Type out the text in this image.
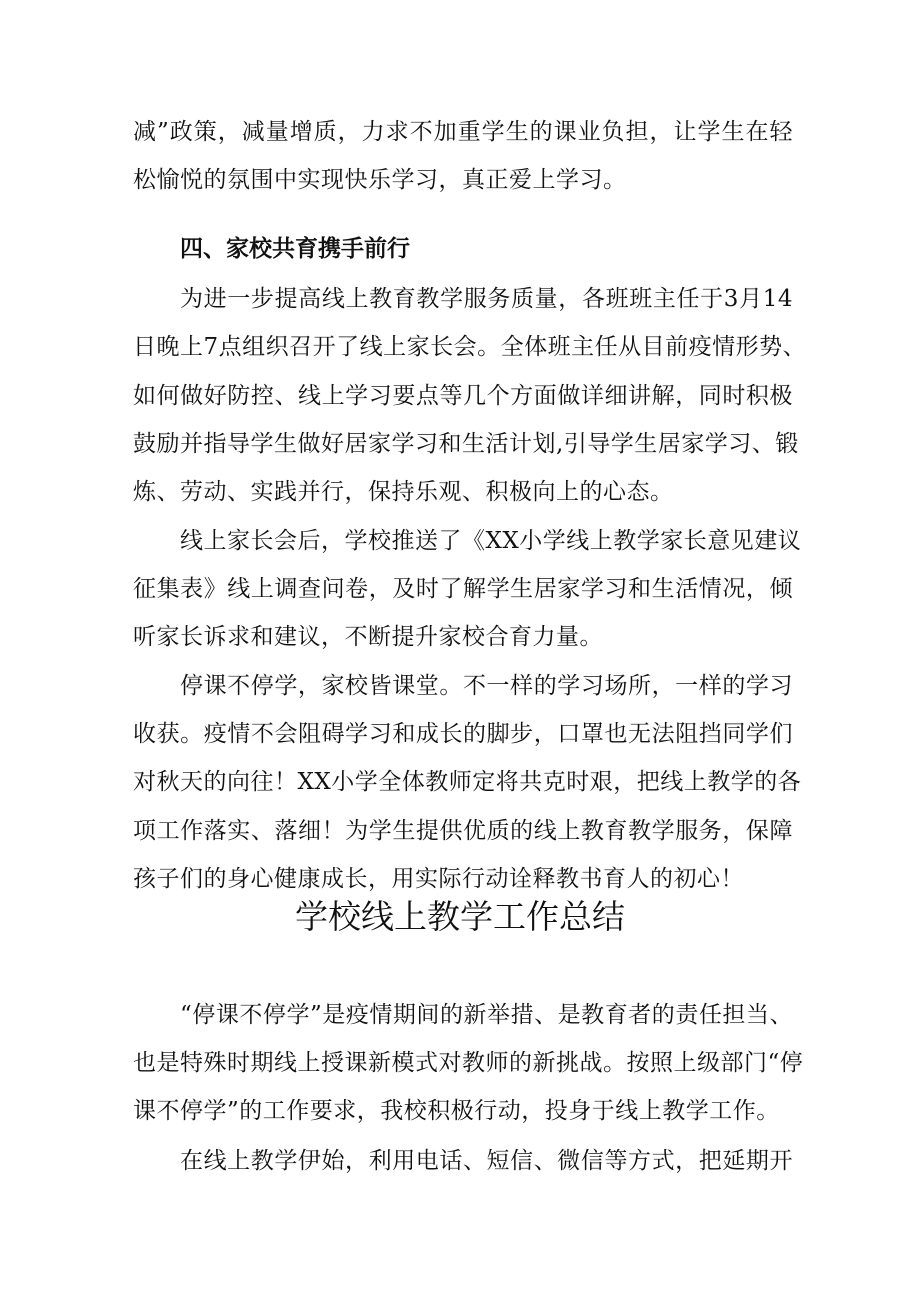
减”政策，减量增质，力求不加重学生的课业负担，让学生在轻
松愉悦的氛围中实现快乐学习，真正爱上学习。
四、家校共育携手前行
为进一步提高线上教育教学服务质量，各班班主任于3月14
日晚上7点组织召开了线上家长会。全体班主任从目前疫情形势、
如何做好防控、线上学习要点等几个方面做详细讲解，同时积极
鼓励并指导学生做好居家学习和生活计划,引导学生居家学习、锻
炼、劳动、实践并行，保持乐观、积极向上的心态。
线上家长会后，学校推送了《XX小学线上教学家长意见建议
征集表》线上调查问卷，及时了解学生居家学习和生活情况，倾
听家长诉求和建议，不断提升家校合育力量。
停课不停学，家校皆课堂。不一样的学习场所，一样的学习
收获。疫情不会阻碍学习和成长的脚步，口罩也无法阻挡同学们
对秋天的向往！XX小学全体教师定将共克时艰，把线上教学的各
项工作落实、落细！为学生提供优质的线上教育教学服务，保障
孩子们的身心健康成长，用实际行动诠释教书育人的初心！
学校线上教学工作总结
“停课不停学”是疫情期间的新举措、是教育者的责任担当、
也是特殊时期线上授课新模式对教师的新挑战。按照上级部门“停
课不停学”的工作要求，我校积极行动，投身于线上教学工作。
在线上教学伊始，利用电话、短信、微信等方式，把延期开
